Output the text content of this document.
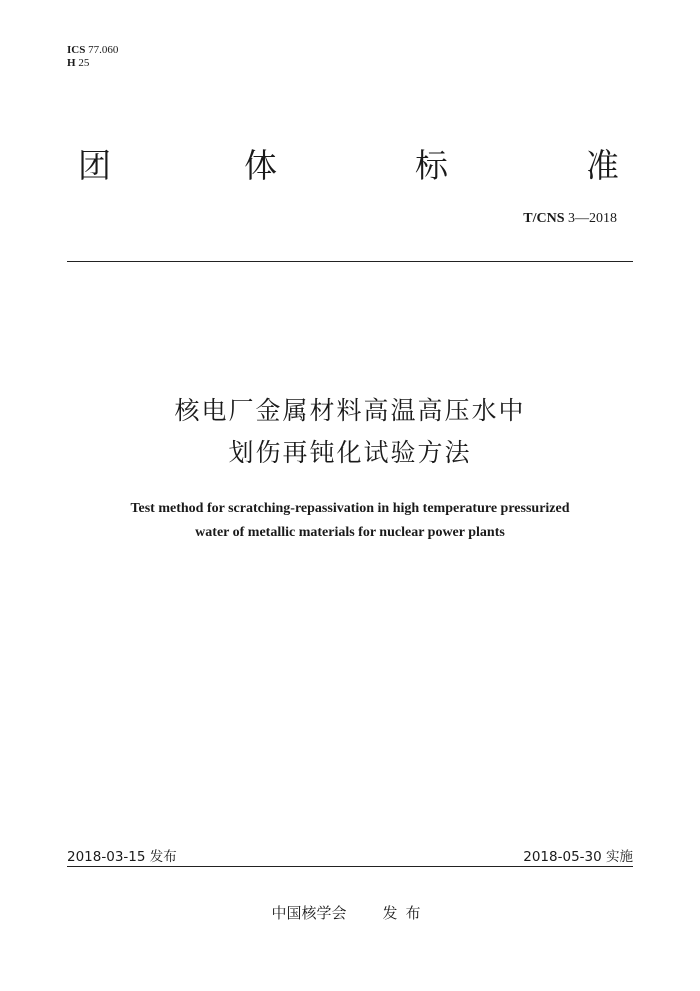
ICS 77.060
H 25
团	体	标	准
T/CNS 3—2018
核电厂金属材料高温高压水中
划伤再钝化试验方法
Test method for scratching-repassivation in high temperature pressurized
water of metallic materials for nuclear power plants
2018-03-15 发布	2018-05-30 实施
中国核学会 发布
